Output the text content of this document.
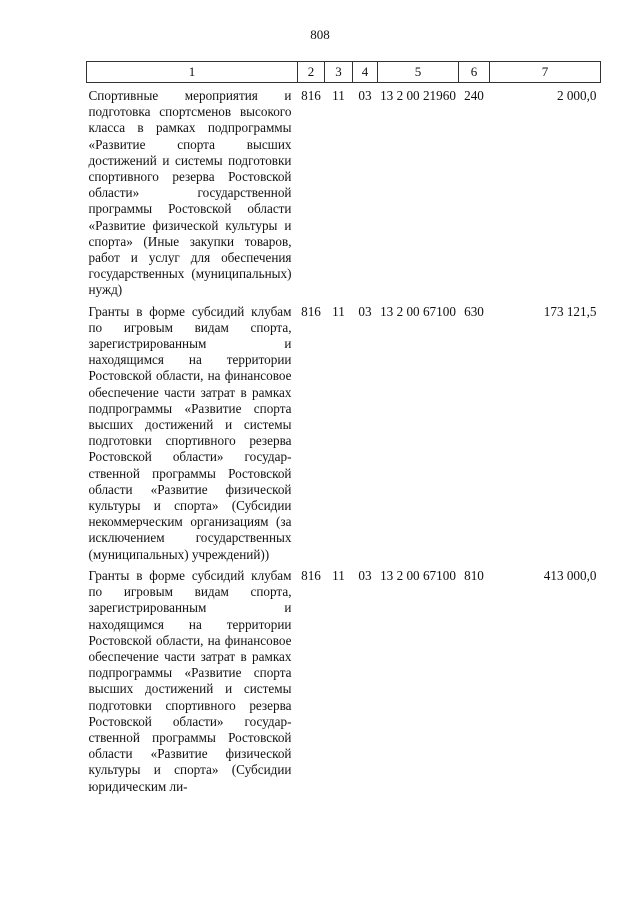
808
1	2	3	4	5	6	7
Спортивные мероприятия и подготовка спортсменов высокого класса в рамках подпрограммы «Развитие спорта высших достижений и системы подготовки спортивного резерва Ростовской области» государственной программы Ростовской области «Развитие физической культуры и спорта» (Иные закупки товаров, работ и услуг для обеспечения государственных (муниципальных) нужд)	816	11	03	13 2 00 21960	240	2 000,0
Гранты в форме субсидий клубам по игровым видам спорта, зарегистрированным и находящимся на территории Ростовской области, на финансовое обеспечение части затрат в рамках подпрограммы «Развитие спорта высших достижений и системы подготовки спортивного резерва Ростовской области» государственной программы Ростовской области «Развитие физической культуры и спорта» (Субсидии некоммерческим организациям (за исключением государственных (муниципальных) учреждений))	816	11	03	13 2 00 67100	630	173 121,5
Гранты в форме субсидий клубам по игровым видам спорта, зарегистрированным и находящимся на территории Ростовской области, на финансовое обеспечение части затрат в рамках подпрограммы «Развитие спорта высших достижений и системы подготовки спортивного резерва Ростовской области» государственной программы Ростовской области «Развитие физической культуры и спорта» (Субсидии юридическим ли-	816	11	03	13 2 00 67100	810	413 000,0
